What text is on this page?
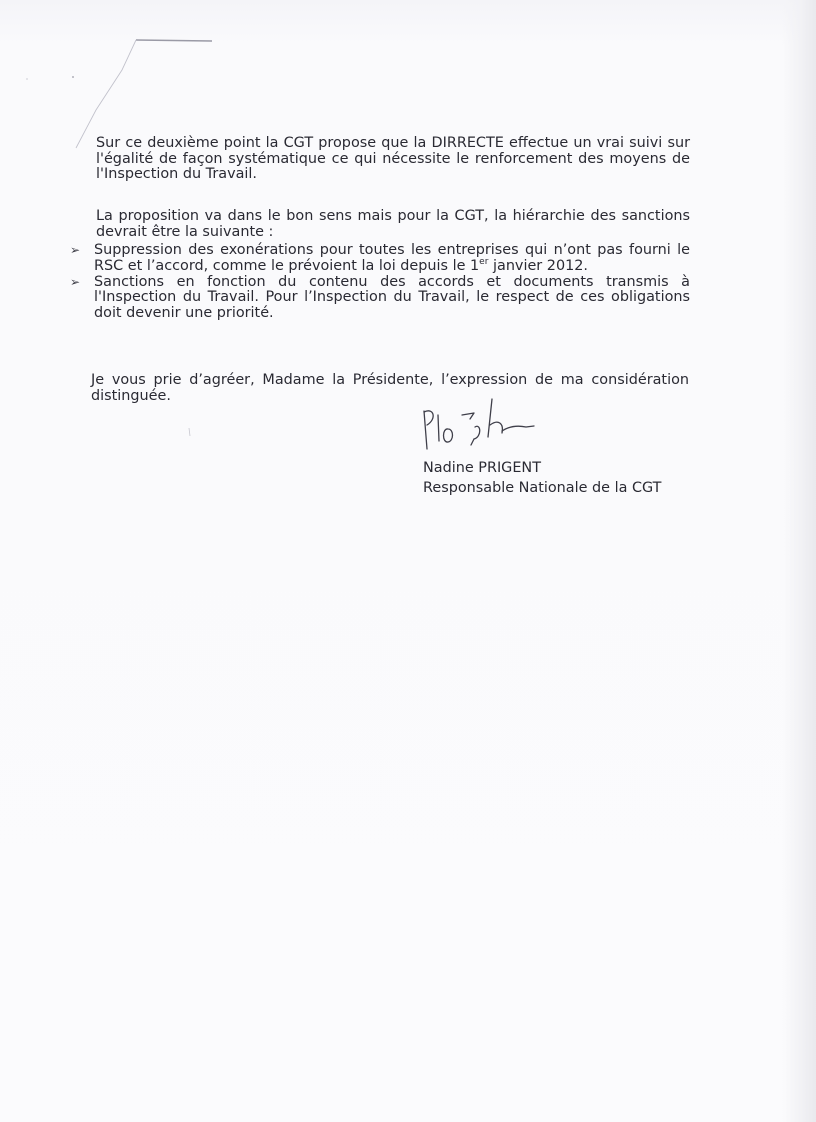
Sur ce deuxième point la CGT propose que la DIRRECTE effectue un vrai suivi sur l'égalité de façon systématique ce qui nécessite le renforcement des moyens de l'Inspection du Travail.

La proposition va dans le bon sens mais pour la CGT, la hiérarchie des sanctions devrait être la suivante :

➢ Suppression des exonérations pour toutes les entreprises qui n’ont pas fourni le RSC et l’accord, comme le prévoient la loi depuis le 1er janvier 2012.
➢ Sanctions en fonction du contenu des accords et documents transmis à l'Inspection du Travail. Pour l’Inspection du Travail, le respect de ces obligations doit devenir une priorité.

Je vous prie d’agréer, Madame la Présidente, l’expression de ma considération distinguée.

Nadine PRIGENT
Responsable Nationale de la CGT
